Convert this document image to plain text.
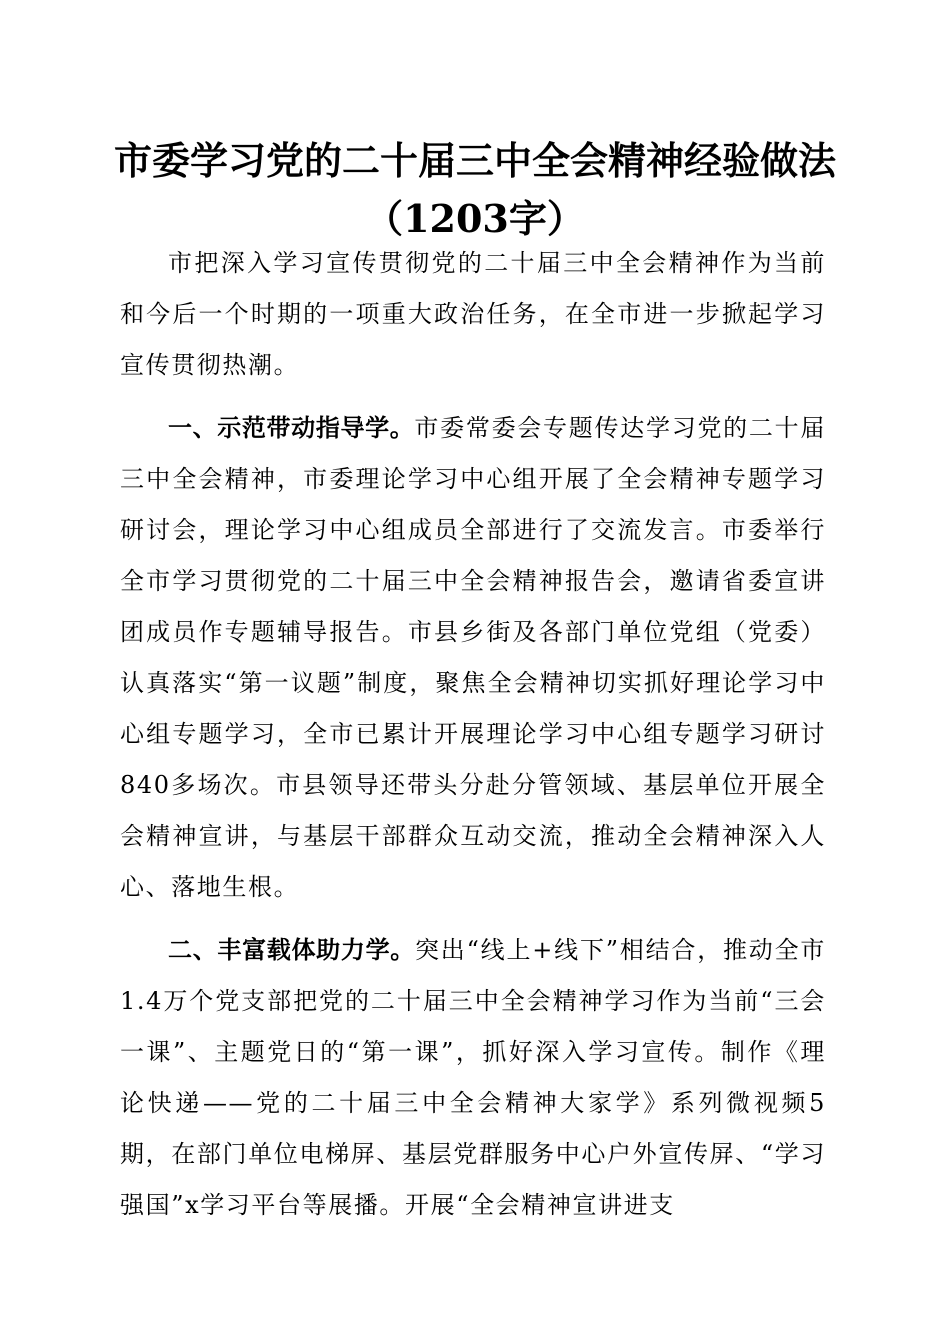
市委学习党的二十届三中全会精神经验做法
（1203字）

市把深入学习宣传贯彻党的二十届三中全会精神作为当前和今后一个时期的一项重大政治任务，在全市进一步掀起学习宣传贯彻热潮。

一、示范带动指导学。市委常委会专题传达学习党的二十届三中全会精神，市委理论学习中心组开展了全会精神专题学习研讨会，理论学习中心组成员全部进行了交流发言。市委举行全市学习贯彻党的二十届三中全会精神报告会，邀请省委宣讲团成员作专题辅导报告。市县乡街及各部门单位党组（党委）认真落实“第一议题”制度，聚焦全会精神切实抓好理论学习中心组专题学习，全市已累计开展理论学习中心组专题学习研讨840多场次。市县领导还带头分赴分管领域、基层单位开展全会精神宣讲，与基层干部群众互动交流，推动全会精神深入人心、落地生根。

二、丰富载体助力学。突出“线上+线下”相结合，推动全市1.4万个党支部把党的二十届三中全会精神学习作为当前“三会一课”、主题党日的“第一课”，抓好深入学习宣传。制作《理论快递——党的二十届三中全会精神大家学》系列微视频5期，在部门单位电梯屏、基层党群服务中心户外宣传屏、“学习强国”x学习平台等展播。开展“全会精神宣讲进支
